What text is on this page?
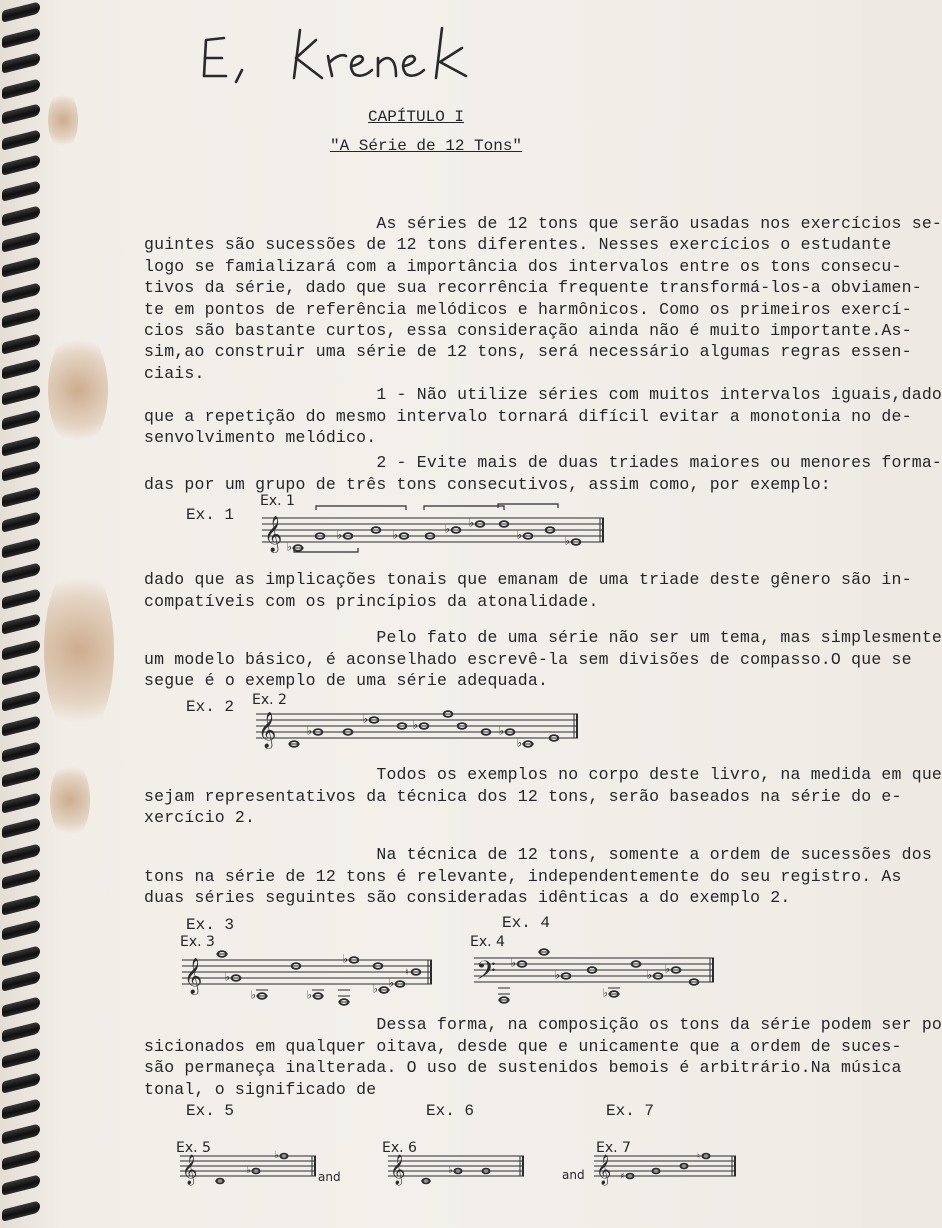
CAPÍTULO I
"A Série de 12 Tons"
As séries de 12 tons que serão usadas nos exercícios se-
guintes são sucessões de 12 tons diferentes. Nesses exercícios o estudante
logo se famializará com a importância dos intervalos entre os tons consecu-
tivos da série, dado que sua recorrência frequente transformá-los-a obviamen-
te em pontos de referência melódicos e harmônicos. Como os primeiros exercí-
cios são bastante curtos, essa consideração ainda não é muito importante.As-
sim,ao construir uma série de 12 tons, será necessário algumas regras essen-
ciais.
1 - Não utilize séries com muitos intervalos iguais,dado
que a repetição do mesmo intervalo tornará difícil evitar a monotonia no de-
senvolvimento melódico.
2 - Evite mais de duas triades maiores ou menores forma-
das por um grupo de três tons consecutivos, assim como, por exemplo:
dado que as implicações tonais que emanam de uma triade deste gênero são in-
compatíveis com os princípios da atonalidade.
Pelo fato de uma série não ser um tema, mas simplesmente
um modelo básico, é aconselhado escrevê-la sem divisões de compasso.O que se
segue é o exemplo de uma série adequada.
Todos os exemplos no corpo deste livro, na medida em que
sejam representativos da técnica dos 12 tons, serão baseados na série do e-
xercício 2.
Na técnica de 12 tons, somente a ordem de sucessões dos
tons na série de 12 tons é relevante, independentemente do seu registro. As
duas séries seguintes são consideradas idênticas a do exemplo 2.
Dessa forma, na composição os tons da série podem ser po
sicionados em qualquer oitava, desde que e unicamente que a ordem de suces-
são permaneça inalterada. O uso de sustenidos bemois é arbitrário.Na música
tonal, o significado de
Ex. 1
Ex. 2
Ex. 3	Ex. 4
Ex. 5	Ex. 6	Ex. 7
Ex. 1
Ex. 2
Ex. 3	Ex. 4
Ex. 5	Ex. 6	Ex. 7
and	and
𝄞 ♭
♭	♭	♭ ♭
♭	♭
𝄞	♭
♭	♭	♭
♭
𝄞 ♭
♭	♭
♭
♭ ♭
♮ 𝄢 ♭
♭
♭
♭ ♭
𝄞	♭
♭	𝄞	♭	𝄞 ♯
♮
